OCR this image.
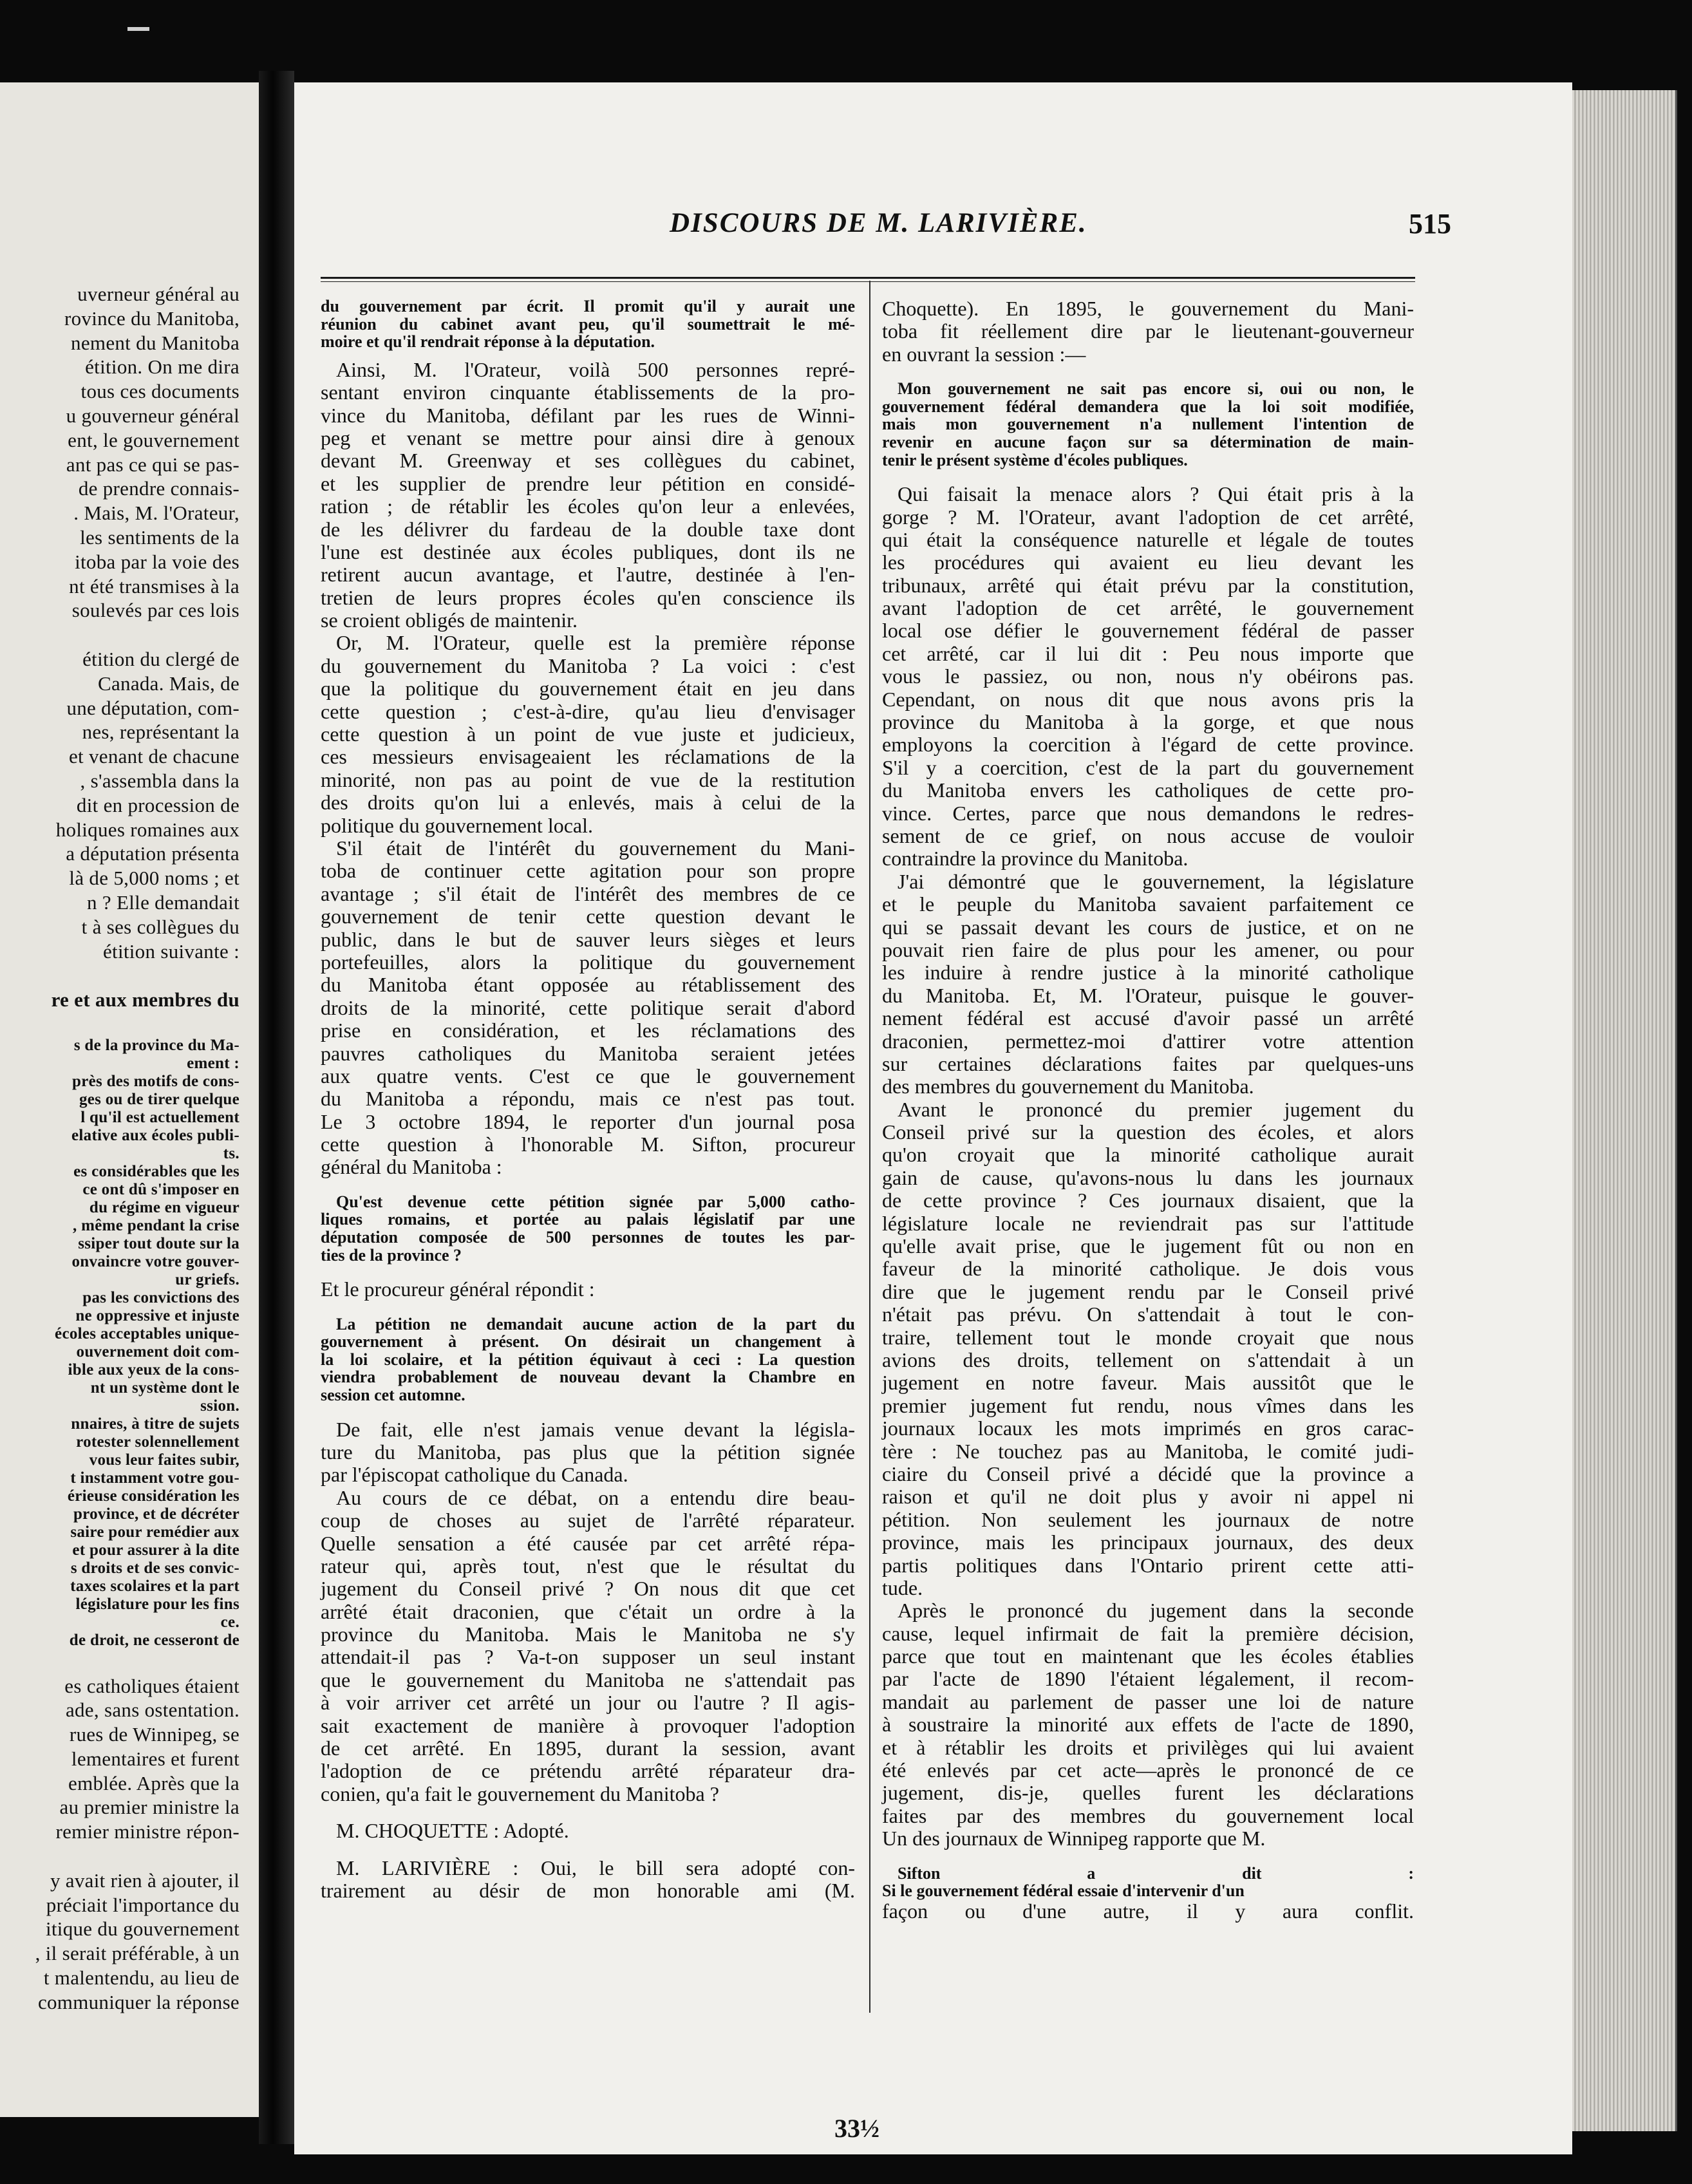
uverneur général au
rovince du Manitoba,
nement du Manitoba
étition. On me dira
tous ces documents
u gouverneur général
ent, le gouvernement
ant pas ce qui se pas-
de prendre connais-
. Mais, M. l'Orateur,
les sentiments de la
itoba par la voie des
nt été transmises à la
soulevés par ces lois

étition du clergé de
Canada. Mais, de
une députation, com-
nes, représentant la
et venant de chacune
, s'assembla dans la
dit en procession de
holiques romaines aux
a députation présenta
là de 5,000 noms ; et
n ? Elle demandait
t à ses collègues du
étition suivante :

re et aux membres du

s de la province du Ma-
ement :
près des motifs de cons-
ges ou de tirer quelque
l qu'il est actuellement
elative aux écoles publi-
ts.
es considérables que les
ce ont dû s'imposer en
du régime en vigueur
, même pendant la crise
ssiper tout doute sur la
onvaincre votre gouver-
ur griefs.
pas les convictions des
ne oppressive et injuste
écoles acceptables unique-
ouvernement doit com-
ible aux yeux de la cons-
nt un système dont le
ssion.
nnaires, à titre de sujets
rotester solennellement
vous leur faites subir,
t instamment votre gou-
érieuse considération les
province, et de décréter
saire pour remédier aux
et pour assurer à la dite
s droits et de ses convic-
taxes scolaires et la part
législature pour les fins
ce.
de droit, ne cesseront de

es catholiques étaient
ade, sans ostentation.
rues de Winnipeg, se
lementaires et furent
emblée. Après que la
au premier ministre la
remier ministre répon-

y avait rien à ajouter, il
préciait l'importance du
itique du gouvernement
, il serait préférable, à un
t malentendu, au lieu de
communiquer la réponse
DISCOURS DE M. LARIVIÈRE.	515
du gouvernement par écrit. Il promit qu'il y aurait une
réunion du cabinet avant peu, qu'il soumettrait le mé-
moire et qu'il rendrait réponse à la députation.
Ainsi, M. l'Orateur, voilà 500 personnes repré-
sentant environ cinquante établissements de la pro-
vince du Manitoba, défilant par les rues de Winni-
peg et venant se mettre pour ainsi dire à genoux
devant M. Greenway et ses collègues du cabinet,
et les supplier de prendre leur pétition en considé-
ration ; de rétablir les écoles qu'on leur a enlevées,
de les délivrer du fardeau de la double taxe dont
l'une est destinée aux écoles publiques, dont ils ne
retirent aucun avantage, et l'autre, destinée à l'en-
tretien de leurs propres écoles qu'en conscience ils
se croient obligés de maintenir.
Or, M. l'Orateur, quelle est la première réponse
du gouvernement du Manitoba ? La voici : c'est
que la politique du gouvernement était en jeu dans
cette question ; c'est-à-dire, qu'au lieu d'envisager
cette question à un point de vue juste et judicieux,
ces messieurs envisageaient les réclamations de la
minorité, non pas au point de vue de la restitution
des droits qu'on lui a enlevés, mais à celui de la
politique du gouvernement local.
S'il était de l'intérêt du gouvernement du Mani-
toba de continuer cette agitation pour son propre
avantage ; s'il était de l'intérêt des membres de ce
gouvernement de tenir cette question devant le
public, dans le but de sauver leurs sièges et leurs
portefeuilles, alors la politique du gouvernement
du Manitoba étant opposée au rétablissement des
droits de la minorité, cette politique serait d'abord
prise en considération, et les réclamations des
pauvres catholiques du Manitoba seraient jetées
aux quatre vents. C'est ce que le gouvernement
du Manitoba a répondu, mais ce n'est pas tout.
Le 3 octobre 1894, le reporter d'un journal posa
cette question à l'honorable M. Sifton, procureur
général du Manitoba :
Qu'est devenue cette pétition signée par 5,000 catho-
liques romains, et portée au palais législatif par une
députation composée de 500 personnes de toutes les par-
ties de la province ?
Et le procureur général répondit :
La pétition ne demandait aucune action de la part du
gouvernement à présent. On désirait un changement à
la loi scolaire, et la pétition équivaut à ceci : La question
viendra probablement de nouveau devant la Chambre en
session cet automne.
De fait, elle n'est jamais venue devant la législa-
ture du Manitoba, pas plus que la pétition signée
par l'épiscopat catholique du Canada.
Au cours de ce débat, on a entendu dire beau-
coup de choses au sujet de l'arrêté réparateur.
Quelle sensation a été causée par cet arrêté répa-
rateur qui, après tout, n'est que le résultat du
jugement du Conseil privé ? On nous dit que cet
arrêté était draconien, que c'était un ordre à la
province du Manitoba. Mais le Manitoba ne s'y
attendait-il pas ? Va-t-on supposer un seul instant
que le gouvernement du Manitoba ne s'attendait pas
à voir arriver cet arrêté un jour ou l'autre ? Il agis-
sait exactement de manière à provoquer l'adoption
de cet arrêté. En 1895, durant la session, avant
l'adoption de ce prétendu arrêté réparateur dra-
conien, qu'a fait le gouvernement du Manitoba ?
M. CHOQUETTE : Adopté.
M. LARIVIÈRE : Oui, le bill sera adopté con-
trairement au désir de mon honorable ami (M.
Choquette). En 1895, le gouvernement du Mani-
toba fit réellement dire par le lieutenant-gouverneur
en ouvrant la session :—
Mon gouvernement ne sait pas encore si, oui ou non, le
gouvernement fédéral demandera que la loi soit modifiée,
mais mon gouvernement n'a nullement l'intention de
revenir en aucune façon sur sa détermination de main-
tenir le présent système d'écoles publiques.
Qui faisait la menace alors ? Qui était pris à la
gorge ? M. l'Orateur, avant l'adoption de cet arrêté,
qui était la conséquence naturelle et légale de toutes
les procédures qui avaient eu lieu devant les
tribunaux, arrêté qui était prévu par la constitution,
avant l'adoption de cet arrêté, le gouvernement
local ose défier le gouvernement fédéral de passer
cet arrêté, car il lui dit : Peu nous importe que
vous le passiez, ou non, nous n'y obéirons pas.
Cependant, on nous dit que nous avons pris la
province du Manitoba à la gorge, et que nous
employons la coercition à l'égard de cette province.
S'il y a coercition, c'est de la part du gouvernement
du Manitoba envers les catholiques de cette pro-
vince. Certes, parce que nous demandons le redres-
sement de ce grief, on nous accuse de vouloir
contraindre la province du Manitoba.
J'ai démontré que le gouvernement, la législature
et le peuple du Manitoba savaient parfaitement ce
qui se passait devant les cours de justice, et on ne
pouvait rien faire de plus pour les amener, ou pour
les induire à rendre justice à la minorité catholique
du Manitoba. Et, M. l'Orateur, puisque le gouver-
nement fédéral est accusé d'avoir passé un arrêté
draconien, permettez-moi d'attirer votre attention
sur certaines déclarations faites par quelques-uns
des membres du gouvernement du Manitoba.
Avant le prononcé du premier jugement du
Conseil privé sur la question des écoles, et alors
qu'on croyait que la minorité catholique aurait
gain de cause, qu'avons-nous lu dans les journaux
de cette province ? Ces journaux disaient, que la
législature locale ne reviendrait pas sur l'attitude
qu'elle avait prise, que le jugement fût ou non en
faveur de la minorité catholique. Je dois vous
dire que le jugement rendu par le Conseil privé
n'était pas prévu. On s'attendait à tout le con-
traire, tellement tout le monde croyait que nous
avions des droits, tellement on s'attendait à un
jugement en notre faveur. Mais aussitôt que le
premier jugement fut rendu, nous vîmes dans les
journaux locaux les mots imprimés en gros carac-
tère : Ne touchez pas au Manitoba, le comité judi-
ciaire du Conseil privé a décidé que la province a
raison et qu'il ne doit plus y avoir ni appel ni
pétition. Non seulement les journaux de notre
province, mais les principaux journaux, des deux
partis politiques dans l'Ontario prirent cette atti-
tude.
Après le prononcé du jugement dans la seconde
cause, lequel infirmait de fait la première décision,
parce que tout en maintenant que les écoles établies
par l'acte de 1890 l'étaient légalement, il recom-
mandait au parlement de passer une loi de nature
à soustraire la minorité aux effets de l'acte de 1890,
et à rétablir les droits et privilèges qui lui avaient
été enlevés par cet acte—après le prononcé de ce
jugement, dis-je, quelles furent les déclarations
faites par des membres du gouvernement local
Un des journaux de Winnipeg rapporte que M.
Sifton a dit :
Si le gouvernement fédéral essaie d'intervenir d'un
façon ou d'une autre, il y aura conflit.
33½
